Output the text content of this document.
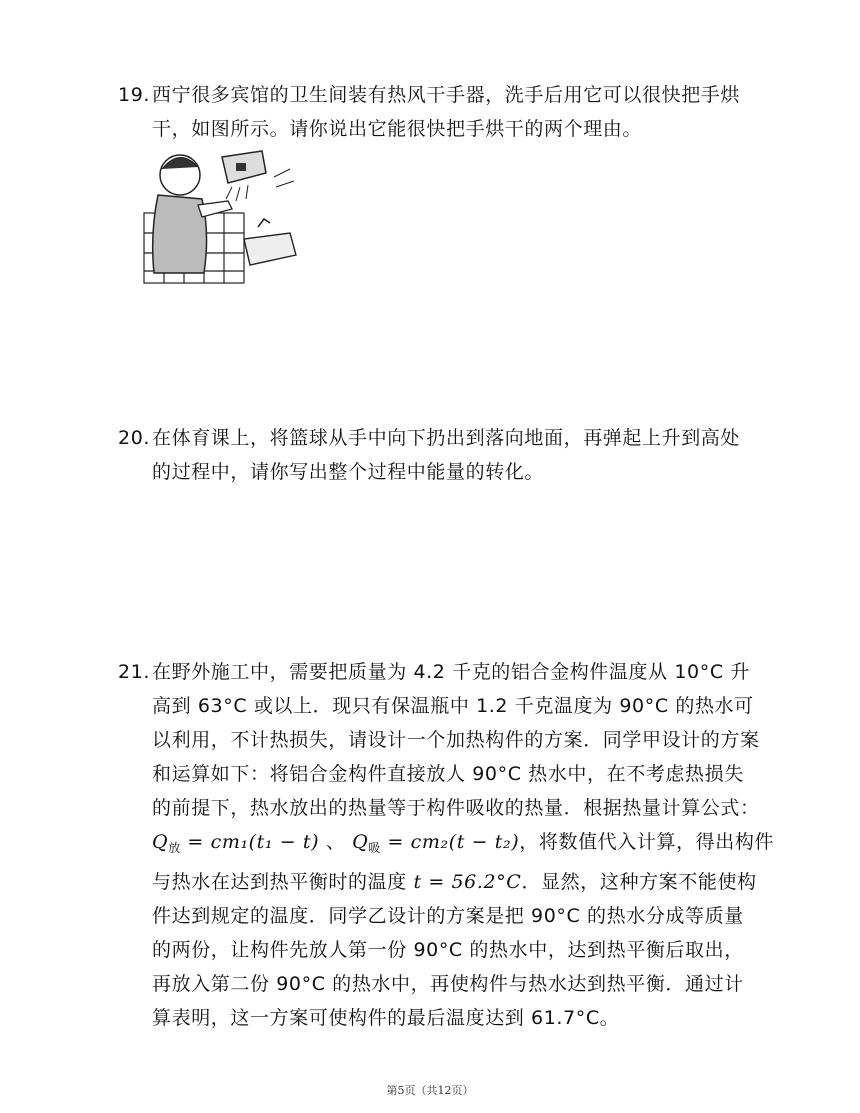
19. 西宁很多宾馆的卫生间装有热风干手器，洗手后用它可以很快把手烘
干，如图所示。请你说出它能很快把手烘干的两个理由。
20. 在体育课上，将篮球从手中向下扔出到落向地面，再弹起上升到高处
的过程中，请你写出整个过程中能量的转化。
21. 在野外施工中，需要把质量为 4.2 千克的铝合金构件温度从 10°C 升
高到 63°C 或以上．现只有保温瓶中 1.2 千克温度为 90°C 的热水可
以利用，不计热损失，请设计一个加热构件的方案．同学甲设计的方案
和运算如下：将铝合金构件直接放人 90°C 热水中，在不考虑热损失
的前提下，热水放出的热量等于构件吸收的热量．根据热量计算公式：
$Q_放 = cm_1(t_1 - t)$ 、 $Q_吸 = cm_2(t - t_2)$，将数值代入计算，得出构件
与热水在达到热平衡时的温度 t = 56.2°C．显然，这种方案不能使构
件达到规定的温度．同学乙设计的方案是把 90°C 的热水分成等质量
的两份，让构件先放人第一份 90°C 的热水中，达到热平衡后取出，
再放入第二份 90°C 的热水中，再使构件与热水达到热平衡．通过计
算表明，这一方案可使构件的最后温度达到 61.7°C。
第5页（共12页）
